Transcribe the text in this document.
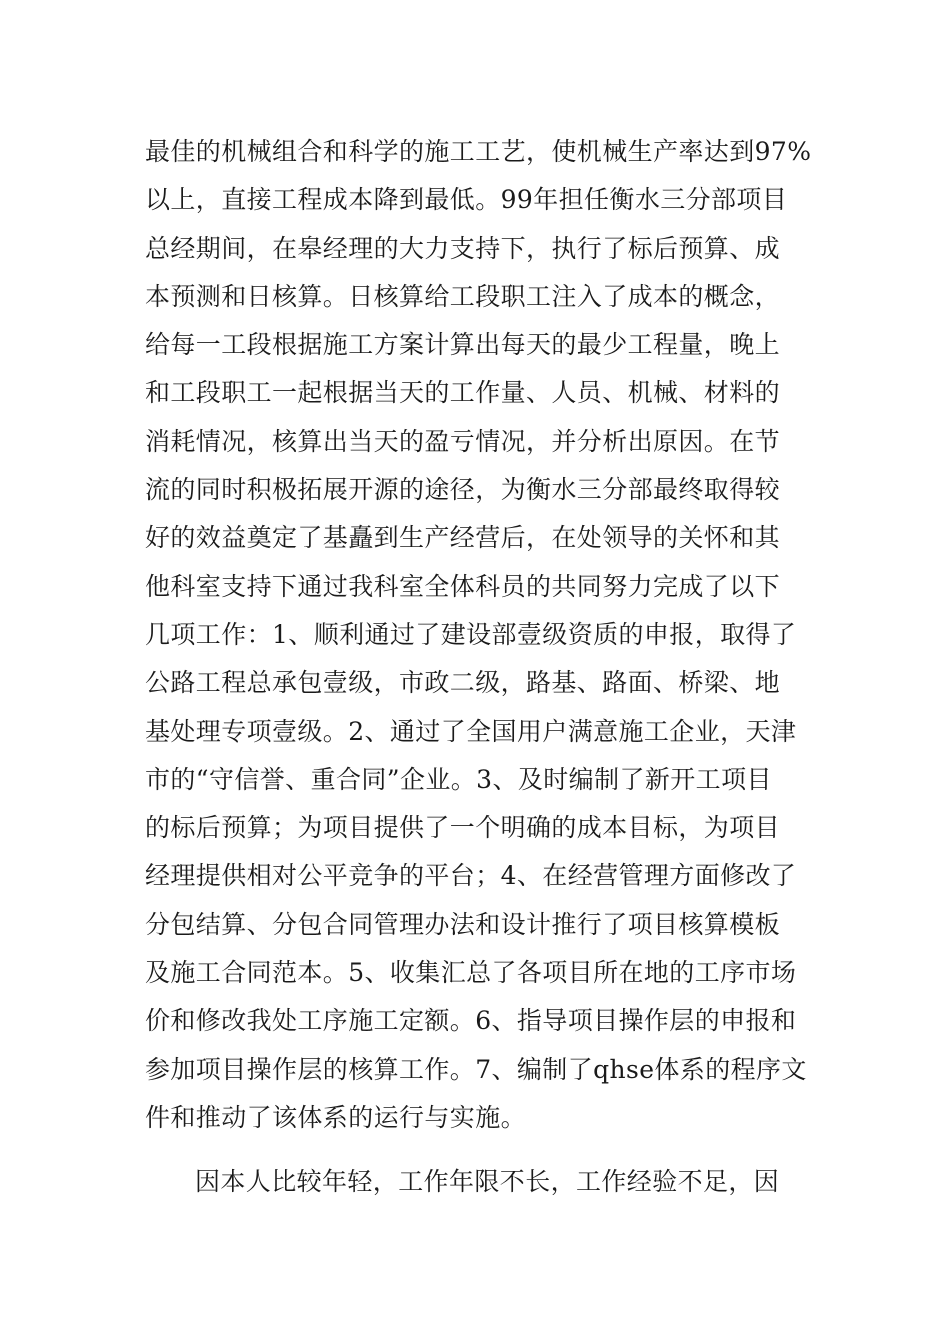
最佳的机械组合和科学的施工工艺，使机械生产率达到97%
以上，直接工程成本降到最低。99年担任衡水三分部项目
总经期间，在皋经理的大力支持下，执行了标后预算、成
本预测和日核算。日核算给工段职工注入了成本的概念，
给每一工段根据施工方案计算出每天的最少工程量，晚上
和工段职工一起根据当天的工作量、人员、机械、材料的
消耗情况，核算出当天的盈亏情况，并分析出原因。在节
流的同时积极拓展开源的途径，为衡水三分部最终取得较
好的效益奠定了基矗到生产经营后，在处领导的关怀和其
他科室支持下通过我科室全体科员的共同努力完成了以下
几项工作：1、顺利通过了建设部壹级资质的申报，取得了
公路工程总承包壹级，市政二级，路基、路面、桥梁、地
基处理专项壹级。2、通过了全国用户满意施工企业，天津
市的“守信誉、重合同”企业。3、及时编制了新开工项目
的标后预算；为项目提供了一个明确的成本目标，为项目
经理提供相对公平竞争的平台；4、在经营管理方面修改了
分包结算、分包合同管理办法和设计推行了项目核算模板
及施工合同范本。5、收集汇总了各项目所在地的工序市场
价和修改我处工序施工定额。6、指导项目操作层的申报和
参加项目操作层的核算工作。7、编制了qhse体系的程序文
件和推动了该体系的运行与实施。
因本人比较年轻，工作年限不长，工作经验不足，因
